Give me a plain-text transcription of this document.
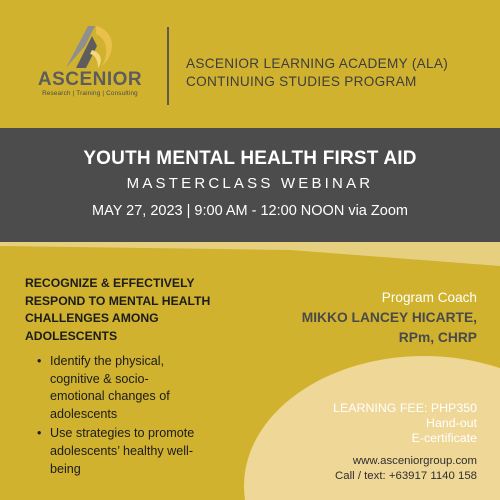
ASCENIOR
Research | Training | Consulting
ASCENIOR LEARNING ACADEMY (ALA)
CONTINUING STUDIES PROGRAM
YOUTH MENTAL HEALTH FIRST AID
MASTERCLASS WEBINAR
MAY 27, 2023 | 9:00 AM - 12:00 NOON via Zoom
RECOGNIZE & EFFECTIVELY
RESPOND TO MENTAL HEALTH
CHALLENGES AMONG
ADOLESCENTS
• Identify the physical,
cognitive & socio-
emotional changes of
adolescents
• Use strategies to promote
adolescents’ healthy well-
being
Program Coach
MIKKO LANCEY HICARTE,
RPm, CHRP
LEARNING FEE: PHP350
Hand-out
E-certificate
www.asceniorgroup.com
Call / text: +63917 1140 158
